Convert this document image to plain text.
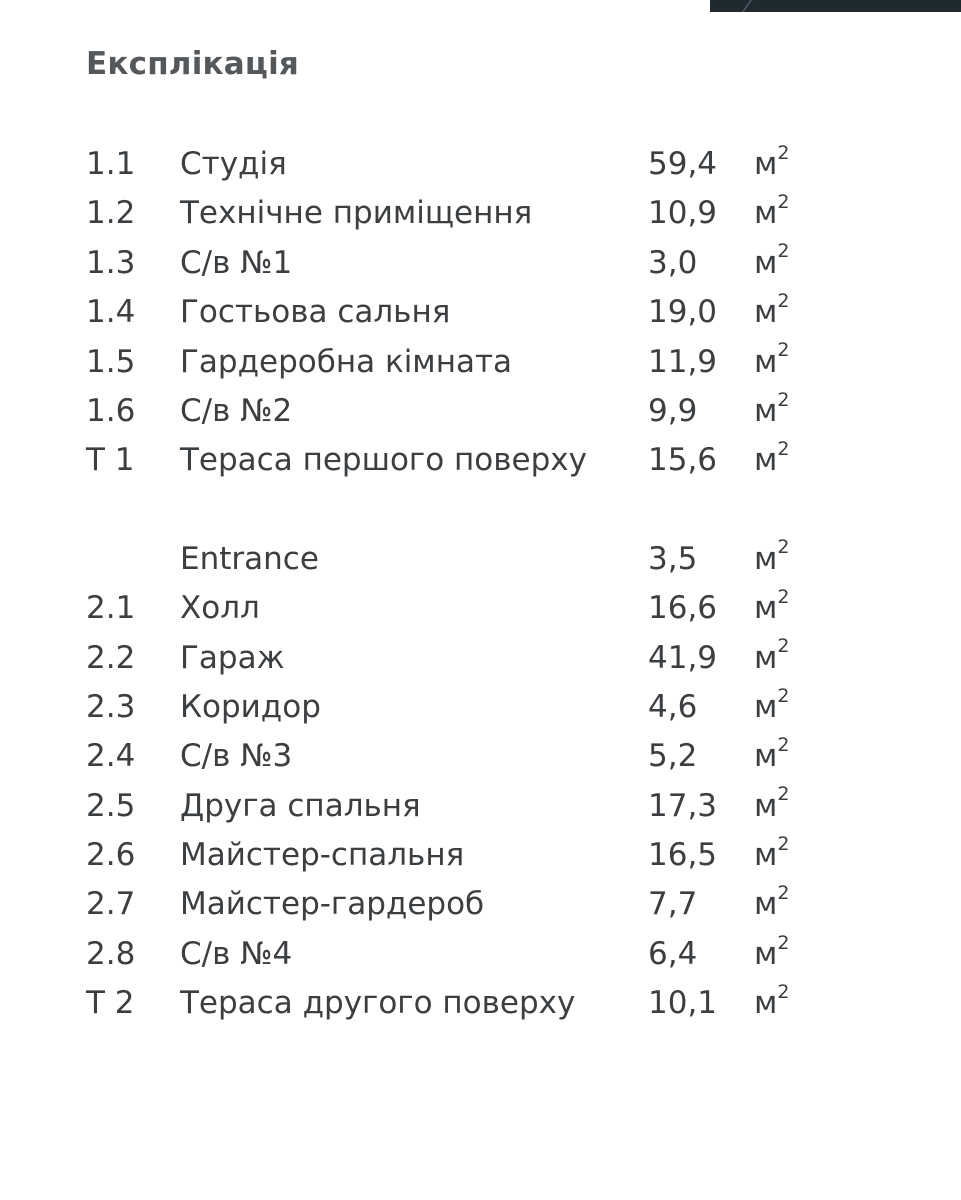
Експлікація
1.1	Студія	59,4 $м^2$
1.2	Технічне приміщення	10,9 $м^2$
1.3	С/в №1	3,0 $м^2$
1.4	Гостьова сальня	19,0 $м^2$
1.5	Гардеробна кімната	11,9 $м^2$
1.6	С/в №2	9,9 $м^2$
Т 1	Тераса першого поверху 15,6 $м^2$
Entrance	3,5 $м^2$
2.1	Холл	16,6 $м^2$
2.2	Гараж	41,9 $м^2$
2.3	Коридор	4,6 $м^2$
2.4	С/в №3	5,2 $м^2$
2.5	Друга спальня	17,3 $м^2$
2.6	Майстер-спальня	16,5 $м^2$
2.7	Майстер-гардероб	7,7 $м^2$
2.8	С/в №4	6,4 $м^2$
Т 2	Тераса другого поверху 10,1 $м^2$
